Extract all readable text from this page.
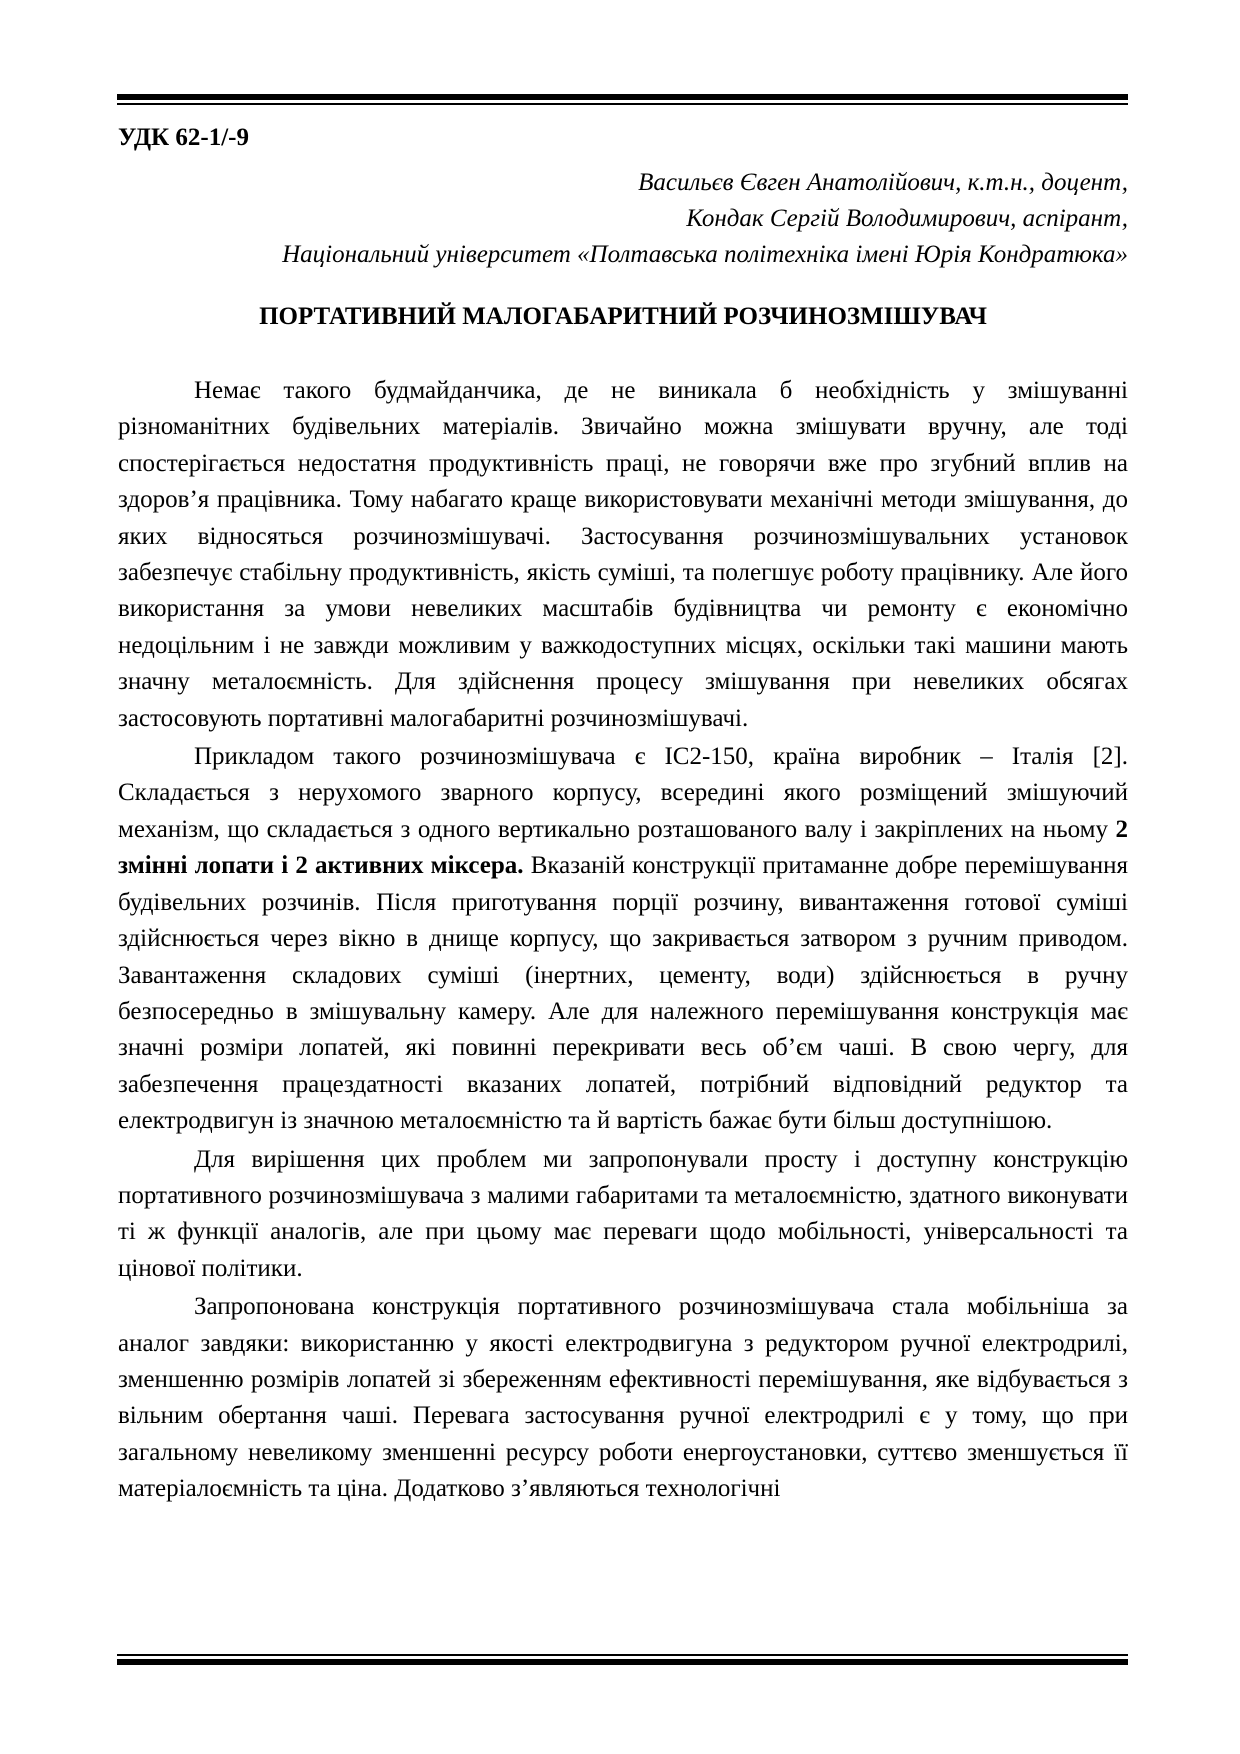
УДК 62-1/-9
Васильєв Євген Анатолійович, к.т.н., доцент,
Кондак Сергій Володимирович, аспірант,
Національний університет «Полтавська політехніка імені Юрія Кондратюка»
ПОРТАТИВНИЙ МАЛОГАБАРИТНИЙ РОЗЧИНОЗМІШУВАЧ

Немає такого будмайданчика, де не виникала б необхідність у змішуванні різноманітних будівельних матеріалів. Звичайно можна змішувати вручну, але тоді спостерігається недостатня продуктивність праці, не говорячи вже про згубний вплив на здоров’я працівника. Тому набагато краще використовувати механічні методи змішування, до яких відносяться розчинозмішувачі. Застосування розчинозмішувальних установок забезпечує стабільну продуктивність, якість суміші, та полегшує роботу працівнику. Але його використання за умови невеликих масштабів будівництва чи ремонту є економічно недоцільним і не завжди можливим у важкодоступних місцях, оскільки такі машини мають значну металоємність. Для здійснення процесу змішування при невеликих обсягах застосовують портативні малогабаритні розчинозмішувачі.

Прикладом такого розчинозмішувача є ІС2-150, країна виробник – Італія [2]. Складається з нерухомого зварного корпусу, всередині якого розміщений змішуючий механізм, що складається з одного вертикально розташованого валу і закріплених на ньому 2 змінні лопати і 2 активних міксера. Вказаній конструкції притаманне добре перемішування будівельних розчинів. Після приготування порції розчину, вивантаження готової суміші здійснюється через вікно в днище корпусу, що закривається затвором з ручним приводом. Завантаження складових суміші (інертних, цементу, води) здійснюється в ручну безпосередньо в змішувальну камеру. Але для належного перемішування конструкція має значні розміри лопатей, які повинні перекривати весь об’єм чаші. В свою чергу, для забезпечення працездатності вказаних лопатей, потрібний відповідний редуктор та електродвигун із значною металоємністю та й вартість бажає бути більш доступнішою.

Для вирішення цих проблем ми запропонували просту і доступну конструкцію портативного розчинозмішувача з малими габаритами та металоємністю, здатного виконувати ті ж функції аналогів, але при цьому має переваги щодо мобільності, універсальності та цінової політики.

Запропонована конструкція портативного розчинозмішувача стала мобільніша за аналог завдяки: використанню у якості електродвигуна з редуктором ручної електродрилі, зменшенню розмірів лопатей зі збереженням ефективності перемішування, яке відбувається з вільним обертання чаші. Перевага застосування ручної електродрилі є у тому, що при загальному невеликому зменшенні ресурсу роботи енергоустановки, суттєво зменшується її матеріалоємність та ціна. Додатково з’являються технологічні
